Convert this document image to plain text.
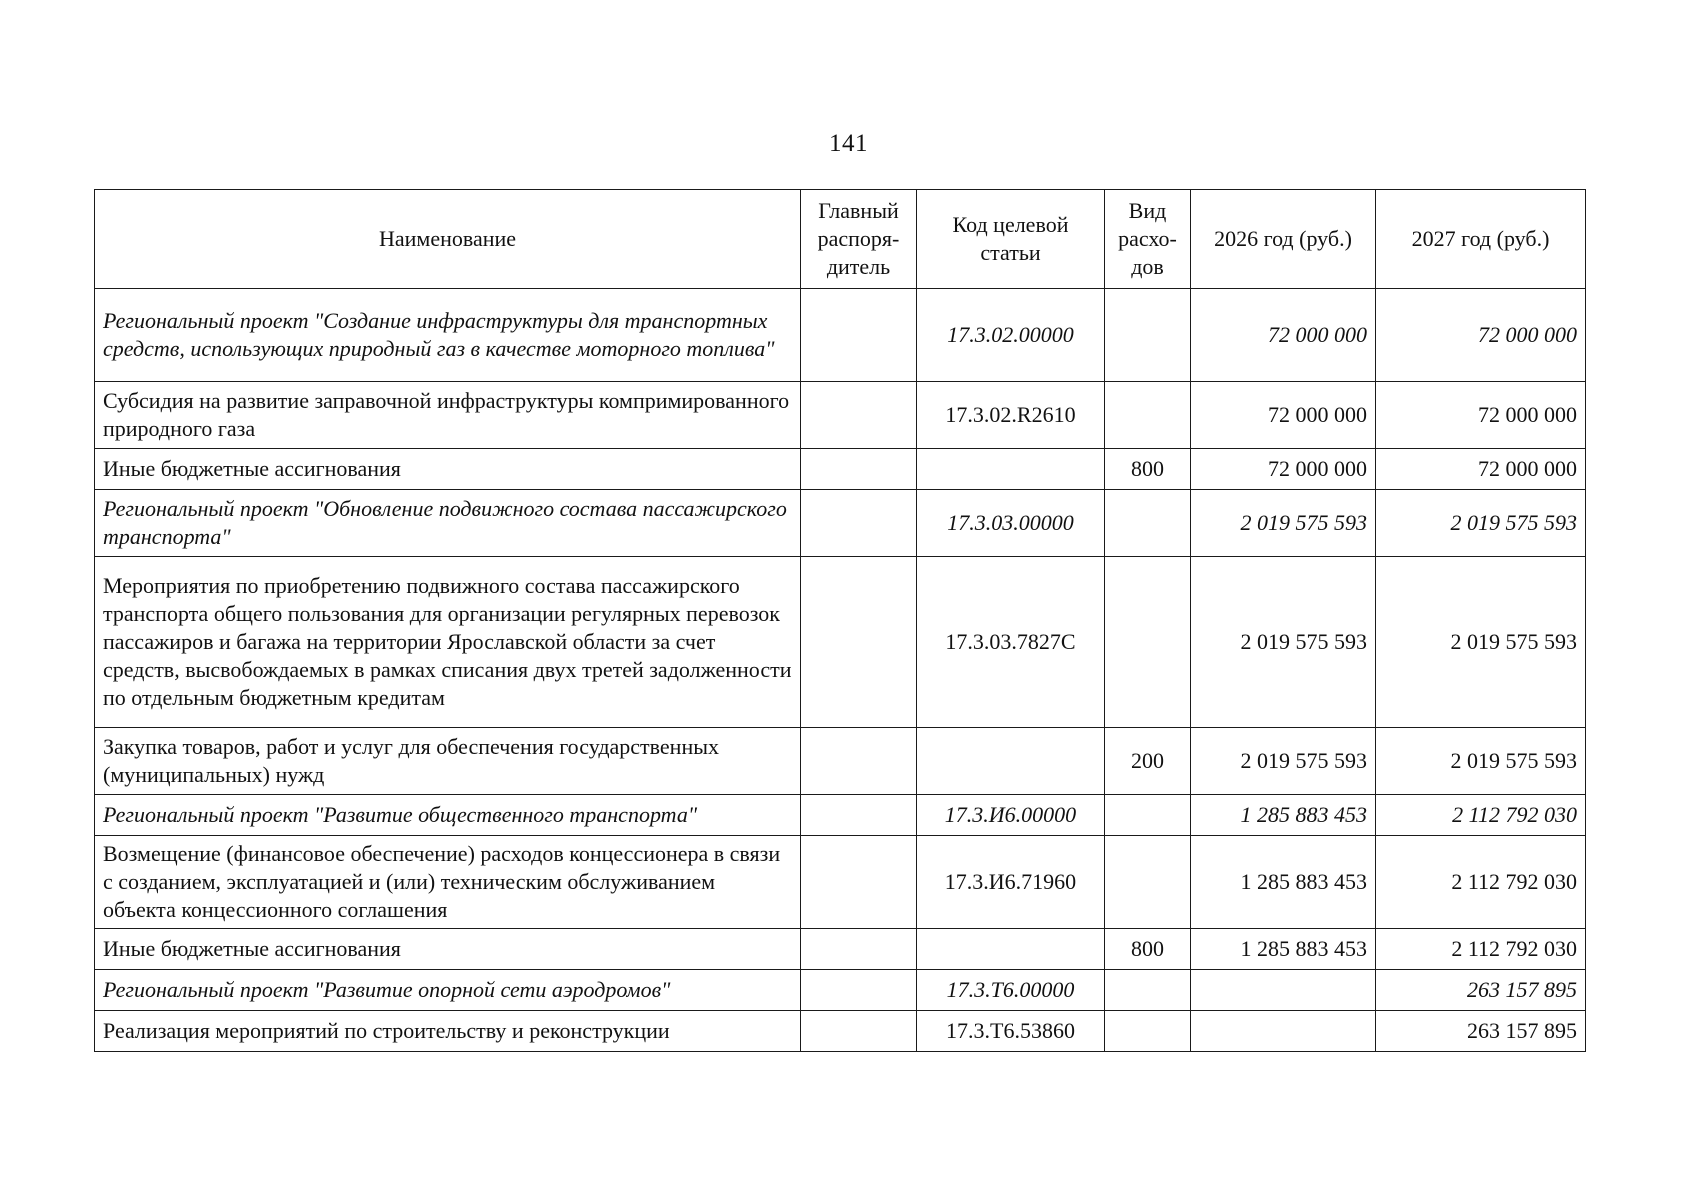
141
Наименование	Главный распоря-дитель	Код целевой статьи	Вид расхо-дов	2026 год (руб.)	2027 год (руб.)
Региональный проект "Создание инфраструктуры для транспортных средств, использующих природный газ в качестве моторного топлива"		17.3.02.00000		72 000 000	72 000 000
Субсидия на развитие заправочной инфраструктуры компримированного природного газа		17.3.02.R2610		72 000 000	72 000 000
Иные бюджетные ассигнования			800	72 000 000	72 000 000
Региональный проект "Обновление подвижного состава пассажирского транспорта"		17.3.03.00000		2 019 575 593	2 019 575 593
Мероприятия по приобретению подвижного состава пассажирского транспорта общего пользования для организации регулярных перевозок пассажиров и багажа на территории Ярославской области за счет средств, высвобождаемых в рамках списания двух третей задолженности по отдельным бюджетным кредитам		17.3.03.7827С		2 019 575 593	2 019 575 593
Закупка товаров, работ и услуг для обеспечения государственных (муниципальных) нужд			200	2 019 575 593	2 019 575 593
Региональный проект "Развитие общественного транспорта"		17.3.И6.00000		1 285 883 453	2 112 792 030
Возмещение (финансовое обеспечение) расходов концессионера в связи с созданием, эксплуатацией и (или) техническим обслуживанием объекта концессионного соглашения		17.3.И6.71960		1 285 883 453	2 112 792 030
Иные бюджетные ассигнования			800	1 285 883 453	2 112 792 030
Региональный проект "Развитие опорной сети аэродромов"		17.3.Т6.00000			263 157 895
Реализация мероприятий по строительству и реконструкции		17.3.Т6.53860			263 157 895
